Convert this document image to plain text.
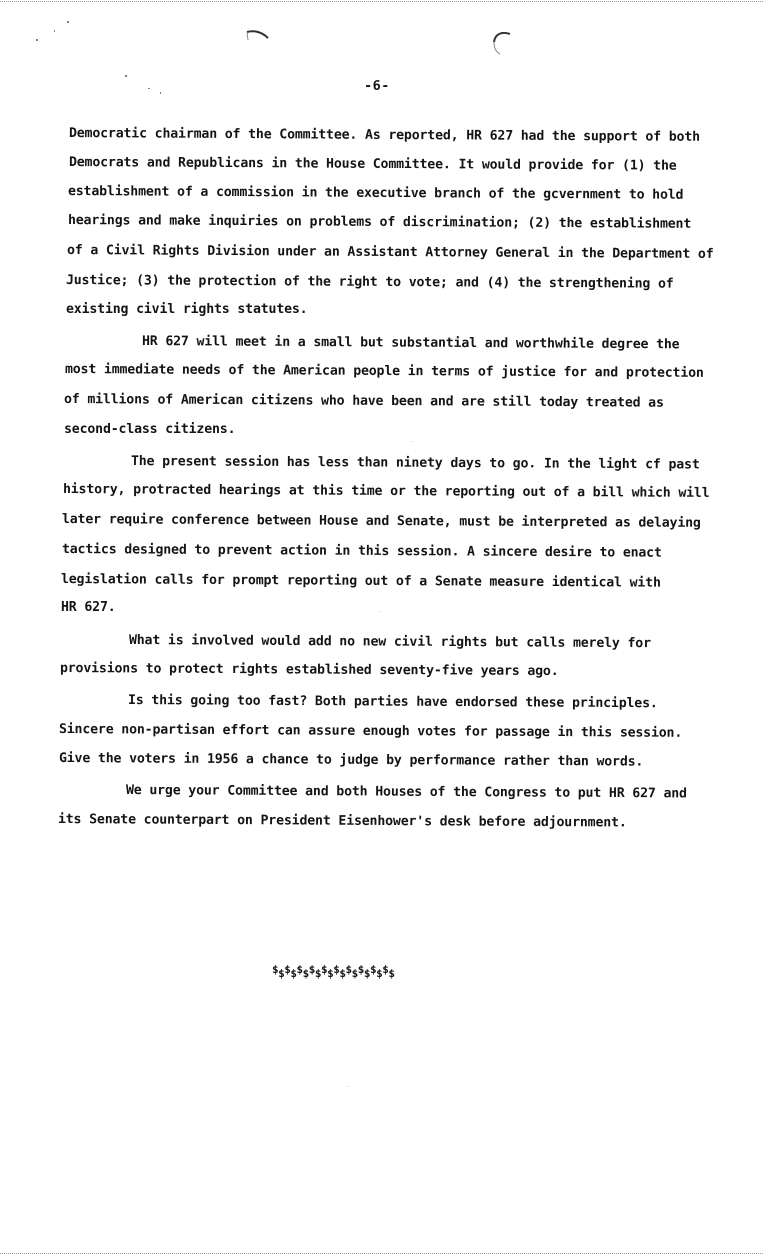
-6-
Democratic chairman of the Committee. As reported, HR 627 had the support of both
Democrats and Republicans in the House Committee. It would provide for (1) the
establishment of a commission in the executive branch of the gcvernment to hold
hearings and make inquiries on problems of discrimination; (2) the establishment
of a Civil Rights Division under an Assistant Attorney General in the Department of
Justice; (3) the protection of the right to vote; and (4) the strengthening of
existing civil rights statutes.
HR 627 will meet in a small but substantial and worthwhile degree the
most immediate needs of the American people in terms of justice for and protection
of millions of American citizens who have been and are still today treated as
second-class citizens.
The present session has less than ninety days to go. In the light cf past
history, protracted hearings at this time or the reporting out of a bill which will
later require conference between House and Senate, must be interpreted as delaying
tactics designed to prevent action in this session. A sincere desire to enact
legislation calls for prompt reporting out of a Senate measure identical with
HR 627.
What is involved would add no new civil rights but calls merely for
provisions to protect rights established seventy-five years ago.
Is this going too fast? Both parties have endorsed these principles.
Sincere non-partisan effort can assure enough votes for passage in this session.
Give the voters in 1956 a chance to judge by performance rather than words.
We urge your Committee and both Houses of the Congress to put HR 627 and
its Senate counterpart on President Eisenhower's desk before adjournment.
$$$$$$$$$$$$$$$$$$$$
